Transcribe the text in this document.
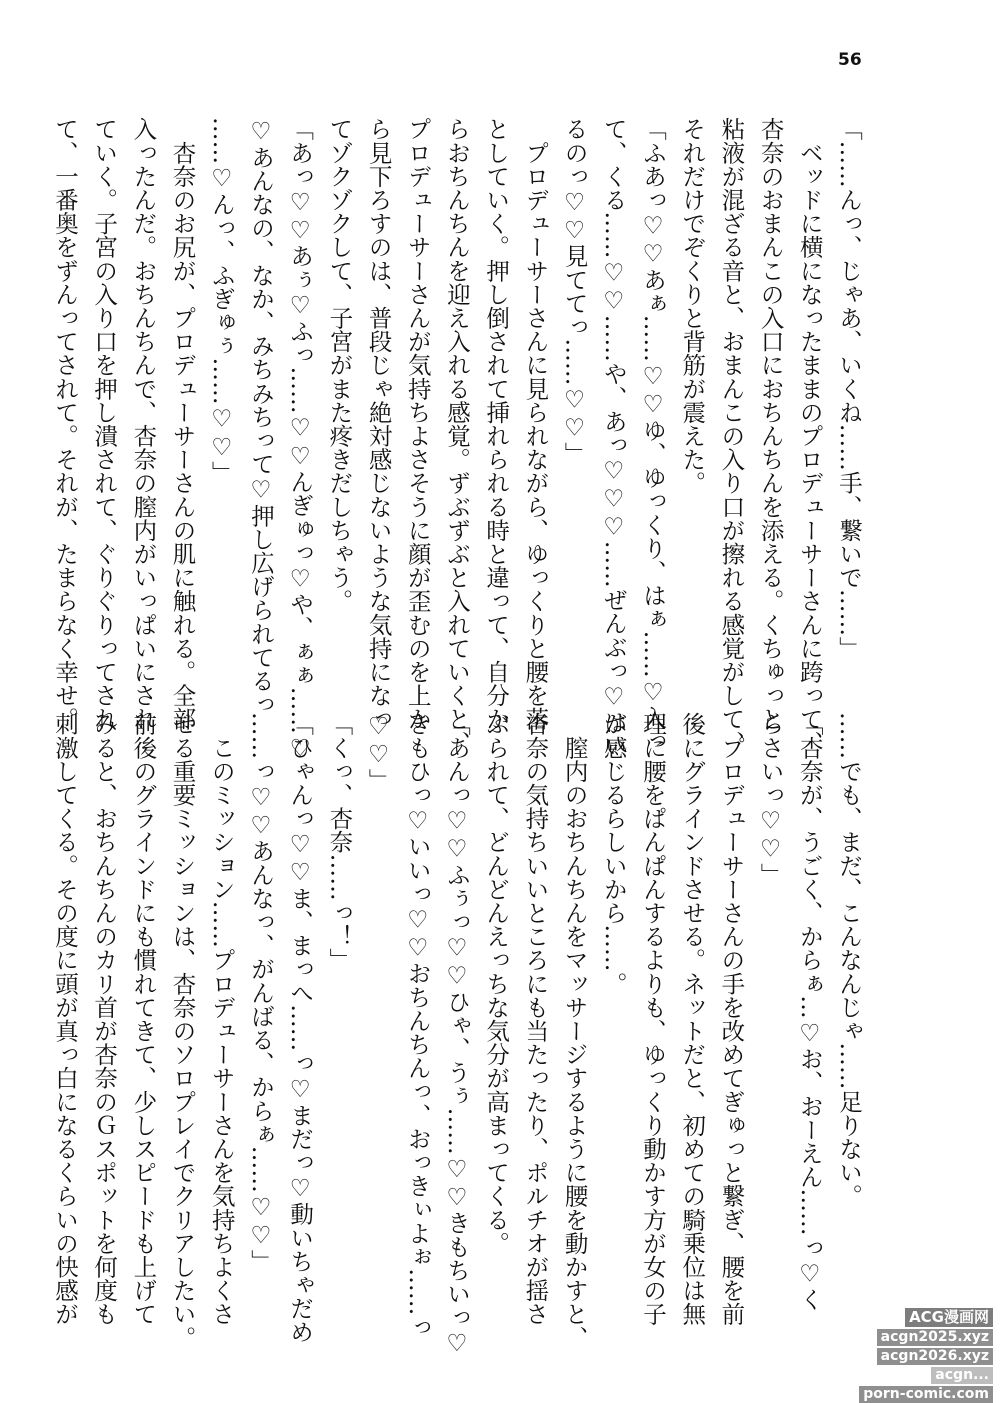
56
「……んっ、じゃあ、いくね……手、繋いで……」
　ベッドに横になったままのプロデューサーさんに跨って、
杏奈のおまんこの入口におちんちんを添える。くちゅっと
粘液が混ざる音と、おまんこの入り口が擦れる感覚がして、
それだけでぞくりと背筋が震えた。
「ふあっ♡♡あぁ……♡♡ゆ、ゆっくり、はぁ……♡入っ
て、くる……♡♡……や、あっ♡♡♡……ぜんぶっ♡はい
るのっ♡♡見ててっ……♡♡」
　プロデューサーさんに見られながら、ゆっくりと腰を落
としていく。押し倒されて挿れられる時と違って、自分か
らおちんちんを迎え入れる感覚。ずぶずぶと入れていくと、
プロデューサーさんが気持ちよさそうに顔が歪むのを上か
ら見下ろすのは、普段じゃ絶対感じないような気持になっ
てゾクゾクして、子宮がまた疼きだしちゃう。
「あっ♡♡あぅ♡ふっ……♡♡んぎゅっ♡や、ぁぁ……♡
♡あんなの、なか、みちみちって♡押し広げられてるっ
……♡んっ、ふぎゅぅ……♡♡」
　杏奈のお尻が、プロデューサーさんの肌に触れる。全部
入ったんだ。おちんちんで、杏奈の膣内がいっぱいにされ
ていく。子宮の入り口を押し潰されて、ぐりぐりってされ
て、一番奥をずんってされて。それが、たまらなく幸せ。
……でも、まだ、こんなんじゃ……足りない。
「杏奈が、うごく、からぁ…♡お、おーえん……っ♡く
らさいっ♡♡」
　プロデューサーさんの手を改めてぎゅっと繋ぎ、腰を前
後にグラインドさせる。ネットだと、初めての騎乗位は無
理に腰をぱんぱんするよりも、ゆっくり動かす方が女の子
が感じるらしいから……。
　膣内のおちんちんをマッサージするように腰を動かすと、
杏奈の気持ちいいところにも当たったり、ポルチオが揺さ
ぶられて、どんどんえっちな気分が高まってくる。
「あんっ♡♡ふぅっ♡♡ひゃ、うぅ……♡♡きもちいっ♡
きもひっ♡いいっ♡♡おちんちんっ、おっきぃよぉ……っ
♡♡」
「くっ、杏奈……っ！」
「ひゃんっ♡♡ま、まっへ……っ♡まだっ♡動いちゃだめ
……っ♡♡あんなっ、がんばる、からぁ……♡♡」
　このミッション……プロデューサーさんを気持ちよくさ
せる重要ミッションは、杏奈のソロプレイでクリアしたい。
前後のグラインドにも慣れてきて、少しスピードも上げて
みると、おちんちんのカリ首が杏奈のＧスポットを何度も
刺激してくる。その度に頭が真っ白になるくらいの快感が	ACG漫画网
acgn2025.xyz
acgn2026.xyz
acgn...
porn-comic.com
